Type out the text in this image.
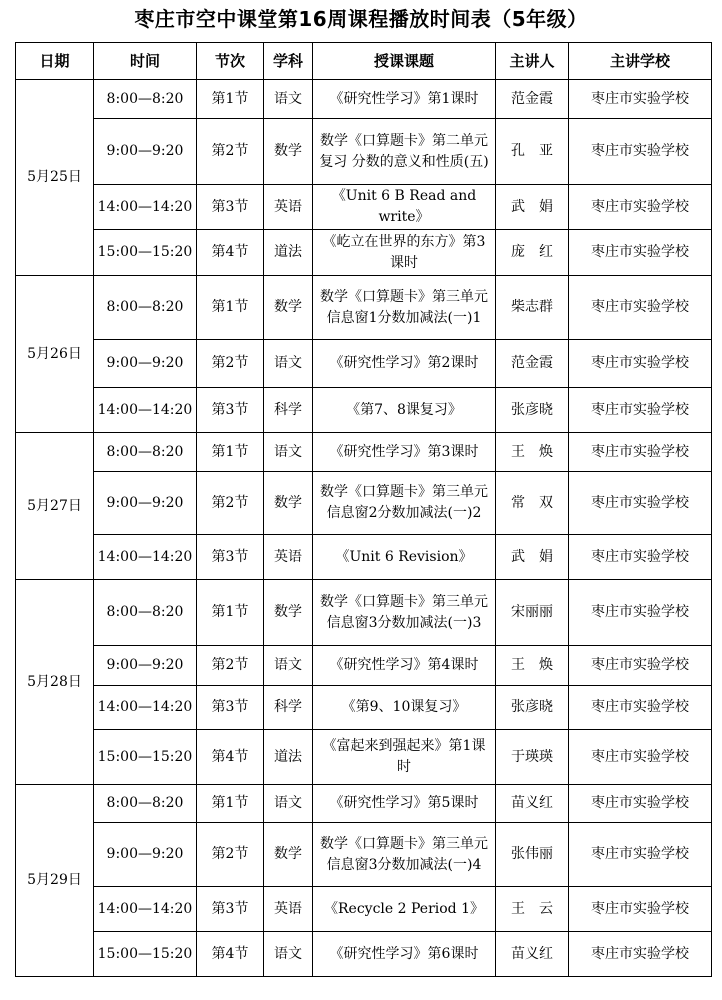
枣庄市空中课堂第16周课程播放时间表（5年级）
日期	时间	节次	学科	授课课题	主讲人	主讲学校
5月25日	8:00—8:20	第1节	语文	《研究性学习》第1课时	范金霞	枣庄市实验学校
	9:00—9:20	第2节	数学	数学《口算题卡》第二单元复习 分数的意义和性质(五)	孔　亚	枣庄市实验学校
	14:00—14:20	第3节	英语	《Unit 6 B Read and write》	武　娟	枣庄市实验学校
	15:00—15:20	第4节	道法	《屹立在世界的东方》第3课时	庞　红	枣庄市实验学校
5月26日	8:00—8:20	第1节	数学	数学《口算题卡》第三单元信息窗1分数加减法(一)1	柴志群	枣庄市实验学校
	9:00—9:20	第2节	语文	《研究性学习》第2课时	范金霞	枣庄市实验学校
	14:00—14:20	第3节	科学	《第7、8课复习》	张彦晓	枣庄市实验学校
5月27日	8:00—8:20	第1节	语文	《研究性学习》第3课时	王　焕	枣庄市实验学校
	9:00—9:20	第2节	数学	数学《口算题卡》第三单元信息窗2分数加减法(一)2	常　双	枣庄市实验学校
	14:00—14:20	第3节	英语	《Unit 6 Revision》	武　娟	枣庄市实验学校
5月28日	8:00—8:20	第1节	数学	数学《口算题卡》第三单元信息窗3分数加减法(一)3	宋丽丽	枣庄市实验学校
	9:00—9:20	第2节	语文	《研究性学习》第4课时	王　焕	枣庄市实验学校
	14:00—14:20	第3节	科学	《第9、10课复习》	张彦晓	枣庄市实验学校
	15:00—15:20	第4节	道法	《富起来到强起来》第1课时	于瑛瑛	枣庄市实验学校
5月29日	8:00—8:20	第1节	语文	《研究性学习》第5课时	苗义红	枣庄市实验学校
	9:00—9:20	第2节	数学	数学《口算题卡》第三单元信息窗3分数加减法(一)4	张伟丽	枣庄市实验学校
	14:00—14:20	第3节	英语	《Recycle 2 Period 1》	王　云	枣庄市实验学校
	15:00—15:20	第4节	语文	《研究性学习》第6课时	苗义红	枣庄市实验学校
